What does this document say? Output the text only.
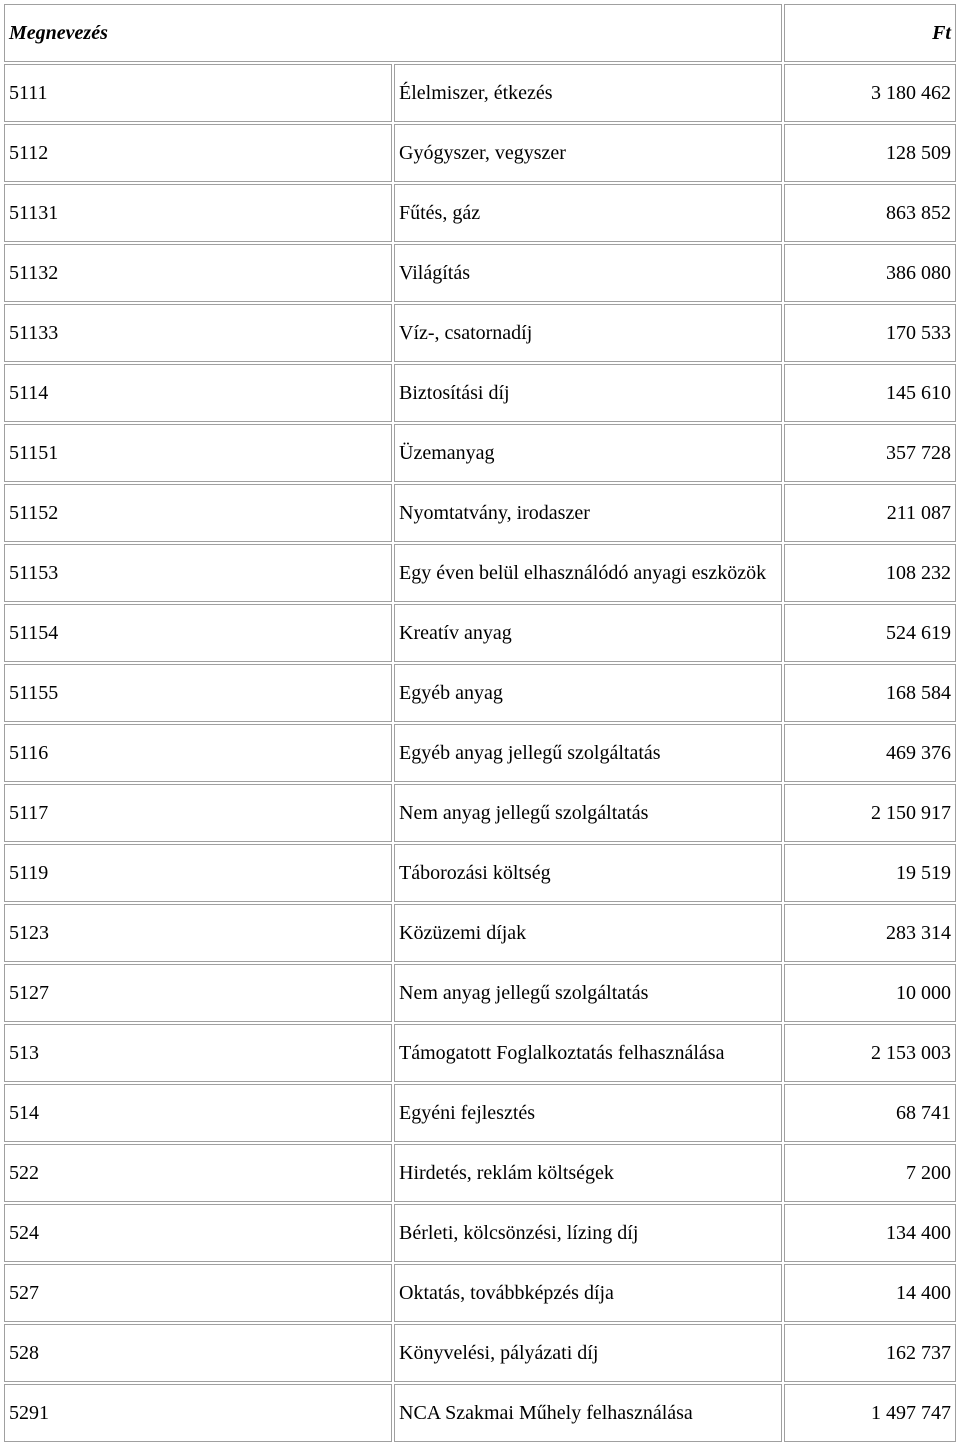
Megnevezés		Ft
5111	Élelmiszer, étkezés	3 180 462
5112	Gyógyszer, vegyszer	128 509
51131	Fűtés, gáz	863 852
51132	Világítás	386 080
51133	Víz-, csatornadíj	170 533
5114	Biztosítási díj	145 610
51151	Üzemanyag	357 728
51152	Nyomtatvány, irodaszer	211 087
51153	Egy éven belül elhasználódó anyagi eszközök	108 232
51154	Kreatív anyag	524 619
51155	Egyéb anyag	168 584
5116	Egyéb anyag jellegű szolgáltatás	469 376
5117	Nem anyag jellegű szolgáltatás	2 150 917
5119	Táborozási költség	19 519
5123	Közüzemi díjak	283 314
5127	Nem anyag jellegű szolgáltatás	10 000
513	Támogatott Foglalkoztatás felhasználása	2 153 003
514	Egyéni fejlesztés	68 741
522	Hirdetés, reklám költségek	7 200
524	Bérleti, kölcsönzési, lízing díj	134 400
527	Oktatás, továbbképzés díja	14 400
528	Könyvelési, pályázati díj	162 737
5291	NCA Szakmai Műhely felhasználása	1 497 747
